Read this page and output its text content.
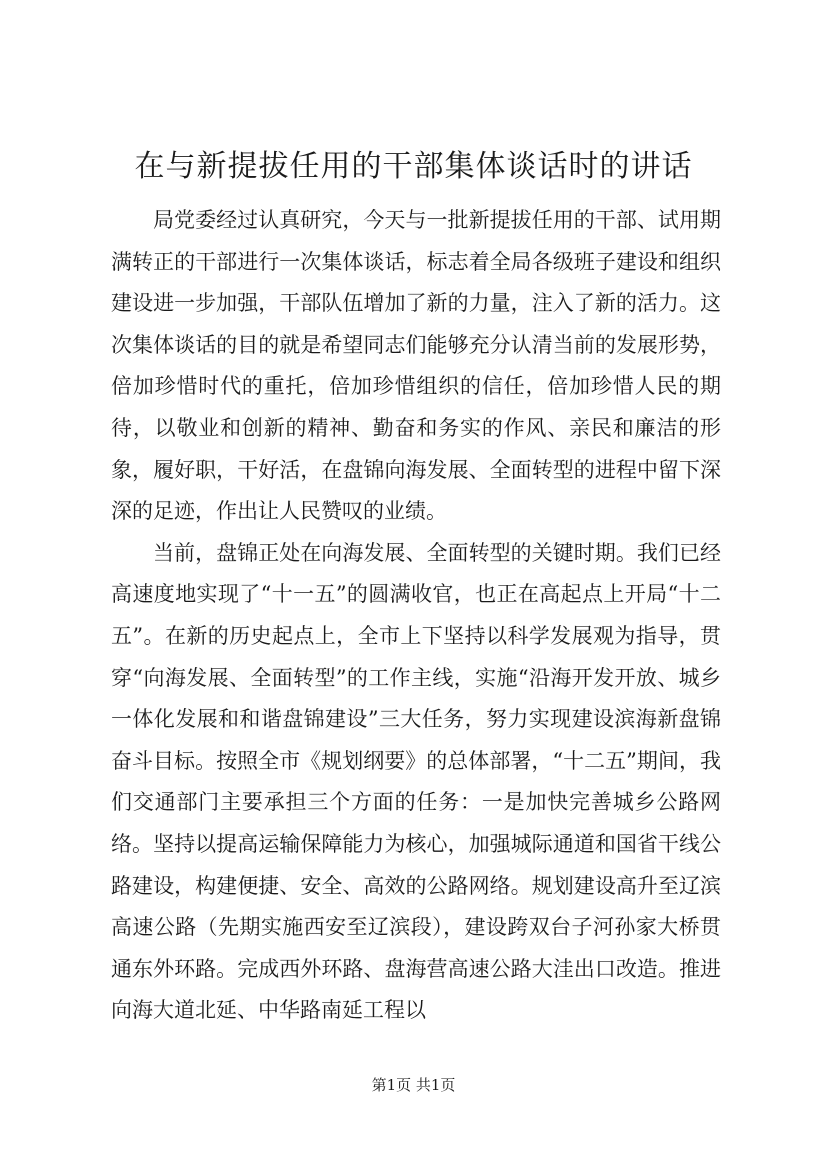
在与新提拔任用的干部集体谈话时的讲话

局党委经过认真研究，今天与一批新提拔任用的干部、试用期满转正的干部进行一次集体谈话，标志着全局各级班子建设和组织建设进一步加强，干部队伍增加了新的力量，注入了新的活力。这次集体谈话的目的就是希望同志们能够充分认清当前的发展形势，倍加珍惜时代的重托，倍加珍惜组织的信任，倍加珍惜人民的期待，以敬业和创新的精神、勤奋和务实的作风、亲民和廉洁的形象，履好职，干好活，在盘锦向海发展、全面转型的进程中留下深深的足迹，作出让人民赞叹的业绩。

当前，盘锦正处在向海发展、全面转型的关键时期。我们已经高速度地实现了“十一五”的圆满收官，也正在高起点上开局“十二五”。在新的历史起点上，全市上下坚持以科学发展观为指导，贯穿“向海发展、全面转型”的工作主线，实施“沿海开发开放、城乡一体化发展和和谐盘锦建设”三大任务，努力实现建设滨海新盘锦奋斗目标。按照全市《规划纲要》的总体部署，“十二五”期间，我们交通部门主要承担三个方面的任务：一是加快完善城乡公路网络。坚持以提高运输保障能力为核心，加强城际通道和国省干线公路建设，构建便捷、安全、高效的公路网络。规划建设高升至辽滨高速公路（先期实施西安至辽滨段），建设跨双台子河孙家大桥贯通东外环路。完成西外环路、盘海营高速公路大洼出口改造。推进向海大道北延、中华路南延工程以

第1页 共1页
